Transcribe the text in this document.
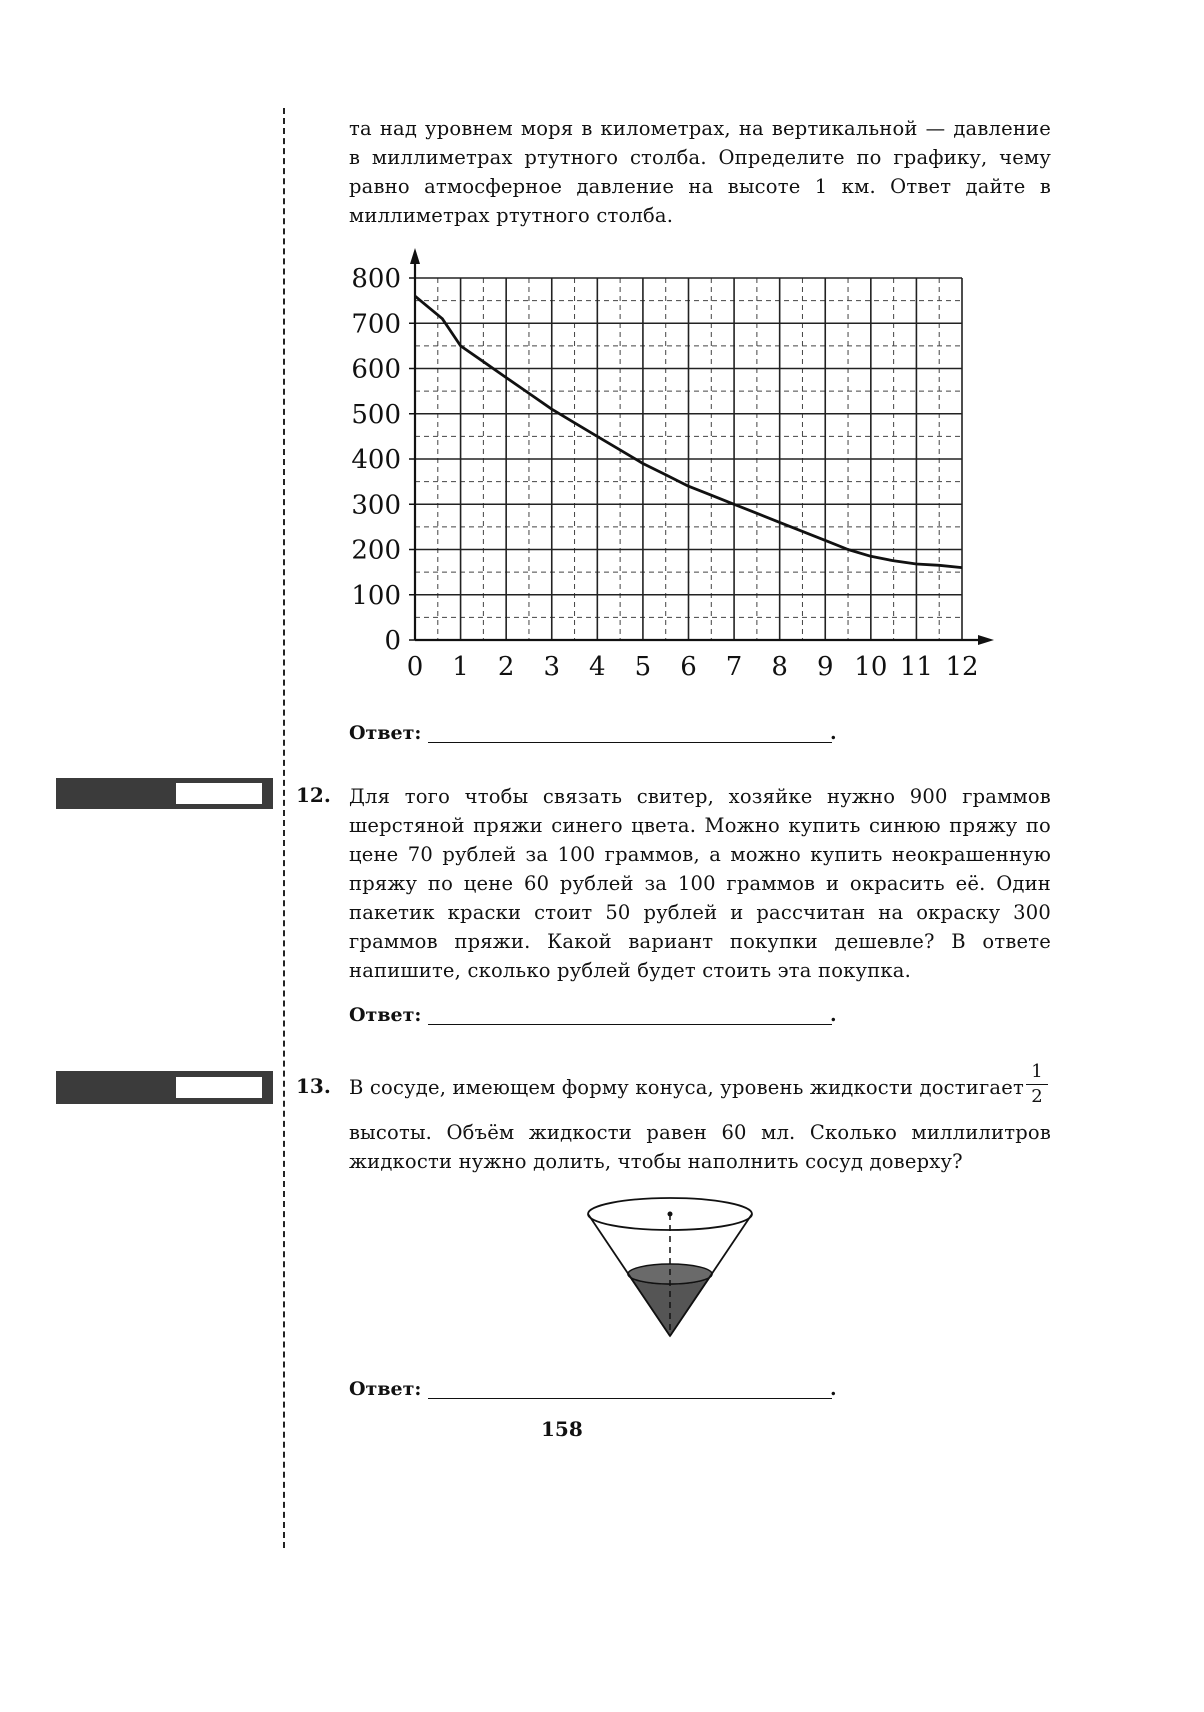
та над уровнем моря в километрах, на вертикальной — давление в миллиметрах ртутного столба. Определите по графику, чему равно атмосферное давление на высоте 1 км. Ответ дайте в миллиметрах ртутного столба.
0 1 2 3 4 5 6 7 8 9 10 11 12
0
100
200
300
400
500
600
700
800
Ответ:	.
12. Для того чтобы связать свитер, хозяйке нужно 900 граммов шерстяной пряжи синего цвета. Можно купить синюю пряжу по цене 70 рублей за 100 граммов, а можно купить неокрашенную пряжу по цене 60 рублей за 100 граммов и окрасить её. Один пакетик краски стоит 50 рублей и рассчитан на окраску 300 граммов пряжи. Какой вариант покупки дешевле? В ответе напишите, сколько рублей будет стоить эта покупка.
Ответ:	.
13. В сосуде, имеющем форму конуса, уровень жидкости достигает
1
2
высоты. Объём жидкости равен 60 мл. Сколько миллилитров жидкости нужно долить, чтобы наполнить сосуд доверху?
Ответ:	.
158
